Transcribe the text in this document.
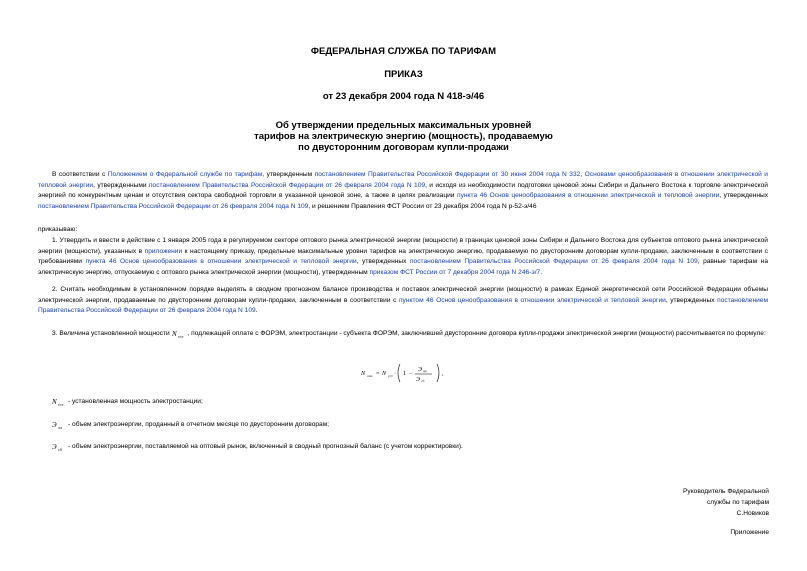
ФЕДЕРАЛЬНАЯ СЛУЖБА ПО ТАРИФАМ
ПРИКАЗ
от 23 декабря 2004 года N 418-э/46
Об утверждении предельных максимальных уровней
тарифов на электрическую энергию (мощность), продаваемую
по двусторонним договорам купли-продажи
В соответствии с Положением о Федеральной службе по тарифам, утвержденным постановлением Правительства Российской Федерации от 30 июня 2004 года N 332, Основами ценообразования в отношении электрической и тепловой энергии, утвержденными постановлением Правительства Российской Федерации от 26 февраля 2004 года N 109, и исходя из необходимости подготовки ценовой зоны Сибири и Дальнего Востока к торговле электрической энергией по конкурентным ценам и отсутствия сектора свободной торговли в указанной ценовой зоне, а также в целях реализации пункта 46 Основ ценообразования в отношении электрической и тепловой энергии, утвержденных постановлением Правительства Российской Федерации от 26 февраля 2004 года N 109, и решением Правления ФСТ России от 23 декабря 2004 года N р-52-э/46
приказываю:
1. Утвердить и ввести в действие с 1 января 2005 года в регулируемом секторе оптового рынка электрической энергии (мощности) в границах ценовой зоны Сибири и Дальнего Востока для субъектов оптового рынка электрической энергии (мощности), указанных в приложении к настоящему приказу, предельные максимальные уровни тарифов на электрическую энергию, продаваемую по двусторонним договорам купли-продажи, заключенным в соответствии с требованиями пункта 46 Основ ценообразования в отношении электрической и тепловой энергии, утвержденных постановлением Правительства Российской Федерации от 26 февраля 2004 года N 109, равные тарифам на электрическую энергию, отпускаемую с оптового рынка электрической энергии (мощности), утвержденным приказом ФСТ России от 7 декабря 2004 года N 246-э/7.
2. Считать необходимым в установленном порядке выделять в сводном прогнозном балансе производства и поставок электрической энергии (мощности) в рамках Единой энергетической сети Российской Федерации объемы электрической энергии, продаваемые по двусторонним договорам купли-продажи, заключенным в соответствии с пунктом 46 Основ ценообразования в отношении электрической и тепловой энергии, утвержденных постановлением Правительства Российской Федерации от 26 февраля 2004 года N 109.
3. Величина установленной мощности N уст , подлежащей оплате с ФОРЭМ, электростанции - субъекта ФОРЭМ, заключившей двусторонние договора купли-продажи электрической энергии (мощности) рассчитывается по формуле:
N опл = N уст · 1 −
Э дд
Э сб
,
N уст - установленная мощность электростанции;
Э дд - объем электроэнергии, проданный в отчетном месяце по двусторонним договорам;
Э сб - объем электроэнергии, поставляемой на оптовый рынок, включенный в сводный прогнозный баланс (с учетом корректировки).
Руководитель Федеральной
службы по тарифам
С.Новиков
Приложение
